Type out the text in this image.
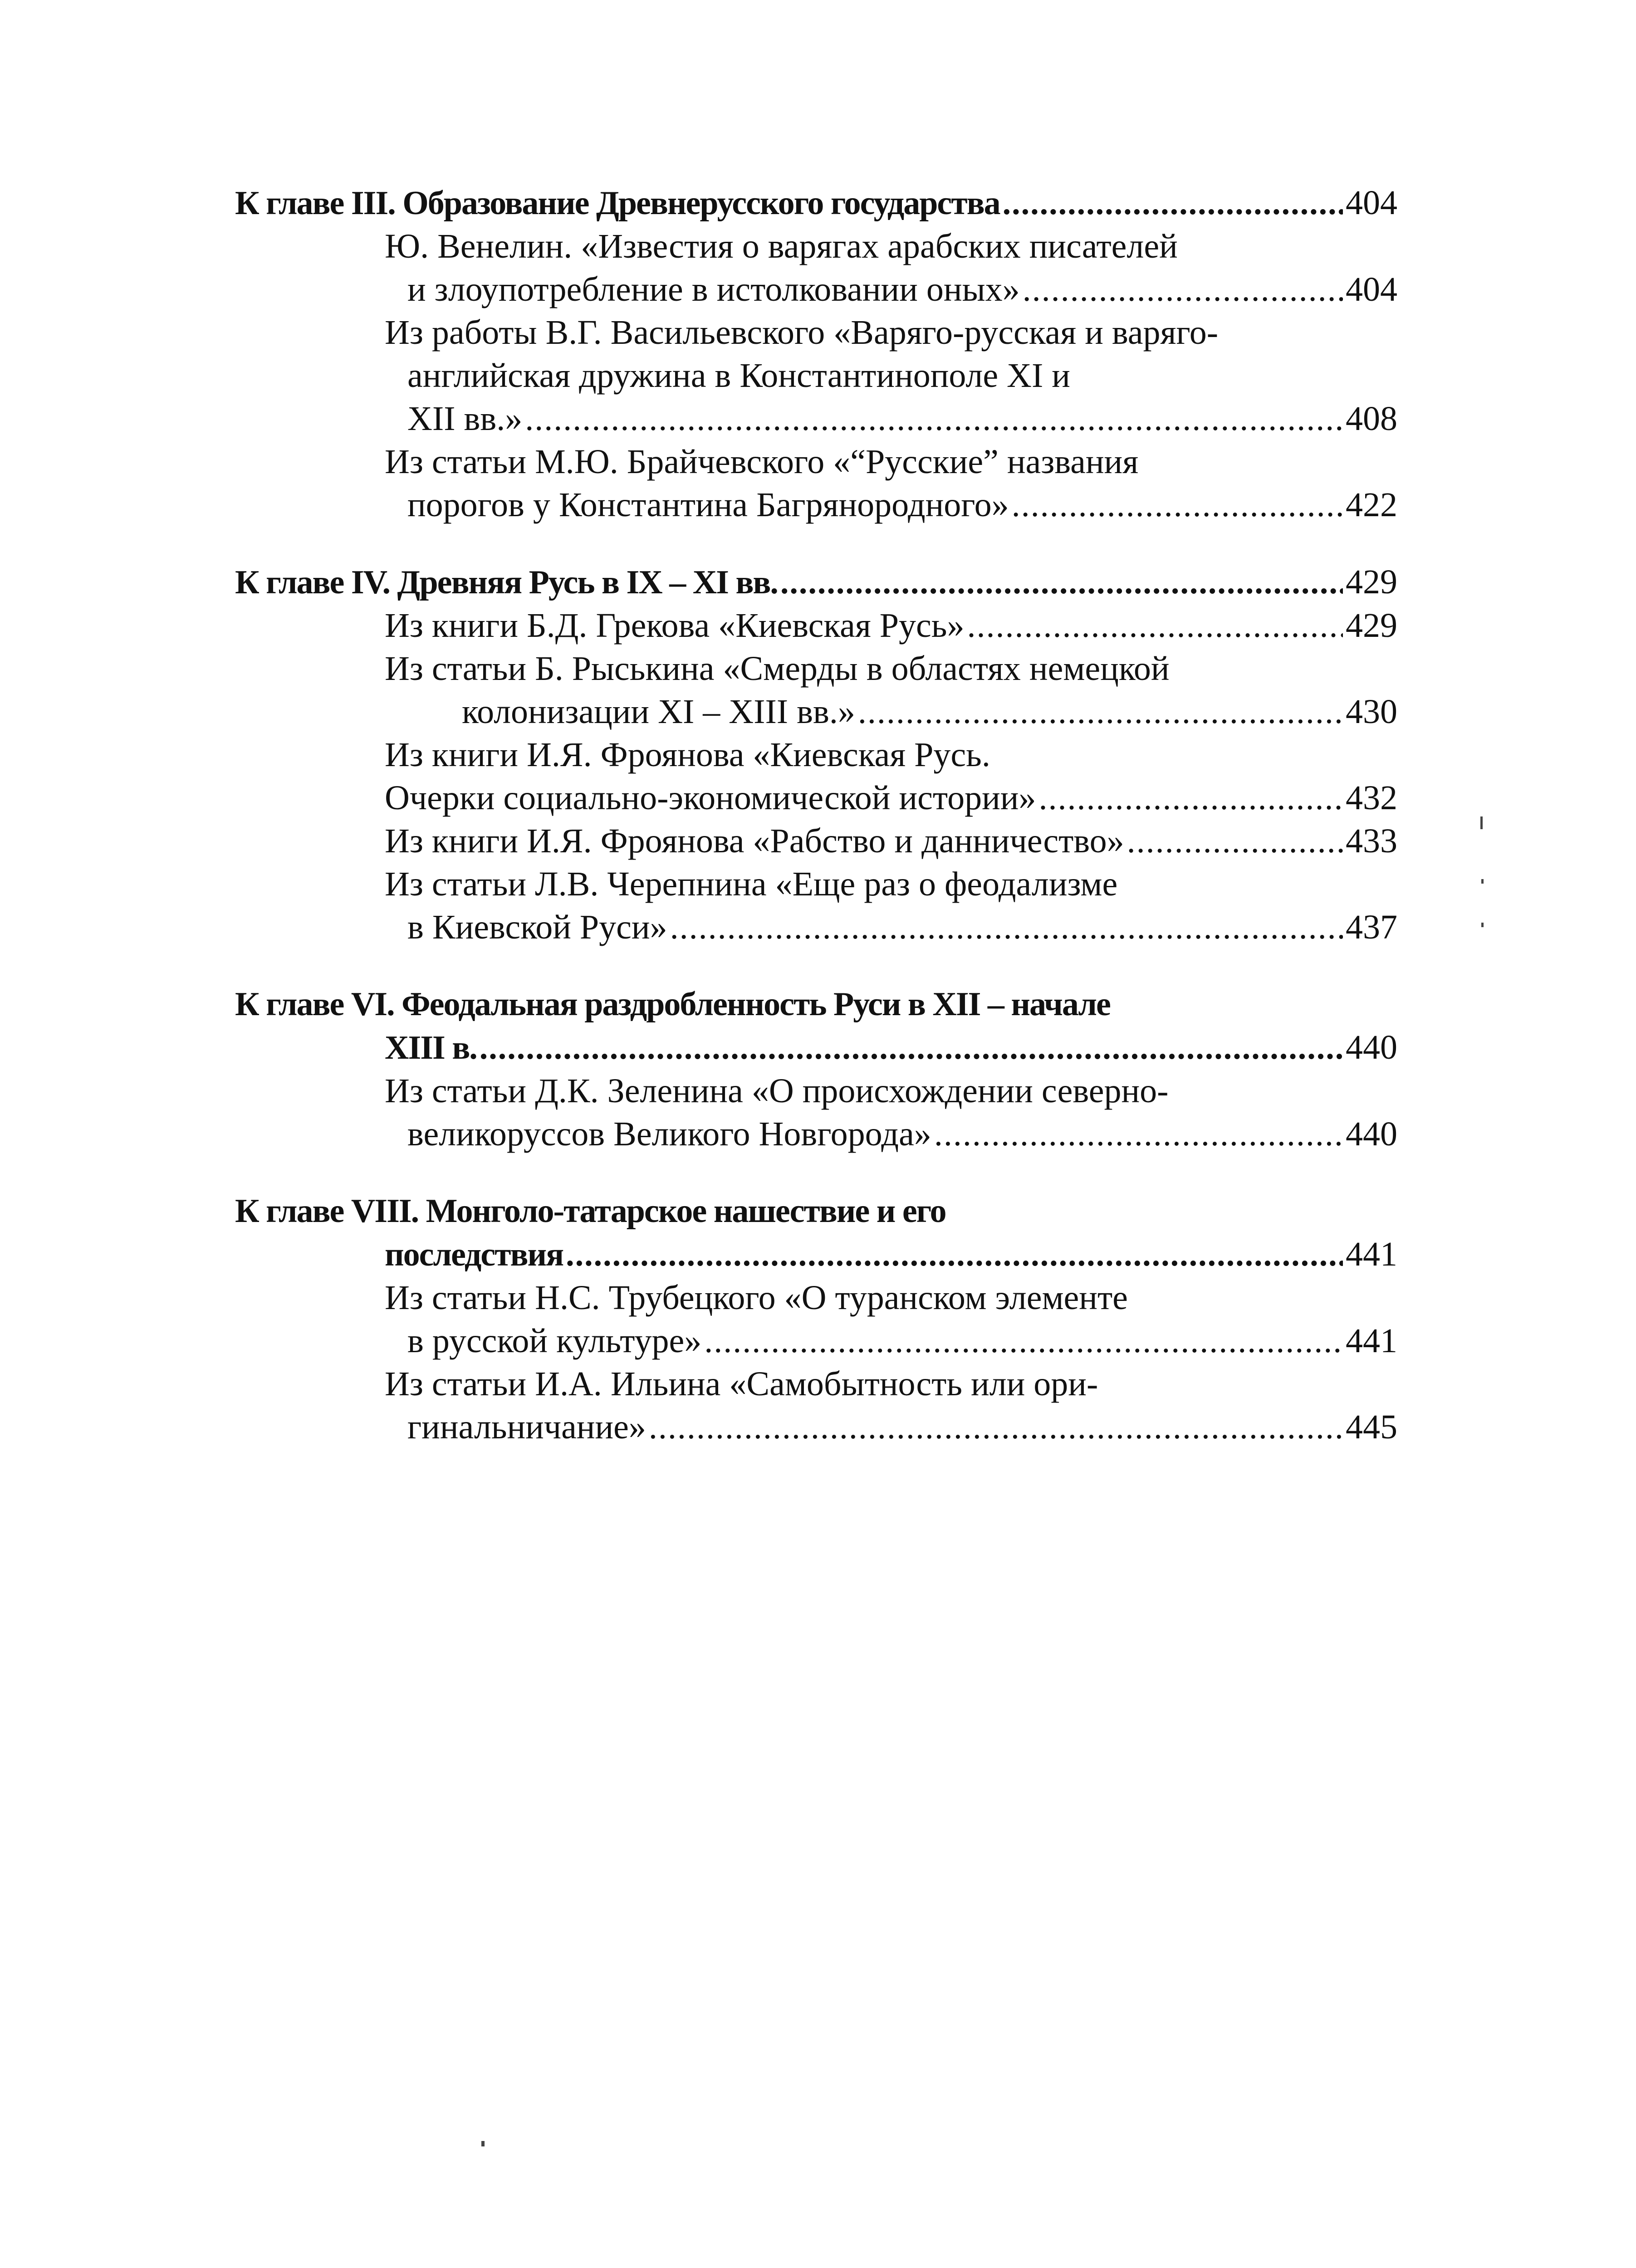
К главе III. Образование Древнерусского государства .....	404
Ю. Венелин. «Известия о варягах арабских писателей
и злоупотребление в истолковании оных» .....	404
Из работы В.Г. Васильевского «Варяго-русская и варяго-
английская дружина в Константинополе XI и
XII вв.» .....	408
Из статьи М.Ю. Брайчевского «“Русские” названия
порогов у Константина Багрянородного» .....	422
К главе IV. Древняя Русь в IX – XI вв. .....	429
Из книги Б.Д. Грекова «Киевская Русь» .....	429
Из статьи Б. Рыськина «Смерды в областях немецкой
колонизации XI – XIII вв.» .....	430
Из книги И.Я. Фроянова «Киевская Русь.
Очерки социально-экономической истории» .....	432
Из книги И.Я. Фроянова «Рабство и данничество» .....	433
Из статьи Л.В. Черепнина «Еще раз о феодализме
в Киевской Руси» .....	437
К главе VI. Феодальная раздробленность Руси в XII – начале
XIII в. .....	440
Из статьи Д.К. Зеленина «О происхождении северно-
великоруссов Великого Новгорода» .....	440
К главе VIII. Монголо-татарское нашествие и его
последствия .....	441
Из статьи Н.С. Трубецкого «О туранском элементе
в русской культуре» .....	441
Из статьи И.А. Ильина «Самобытность или ори-
гинальничание» .....	445
